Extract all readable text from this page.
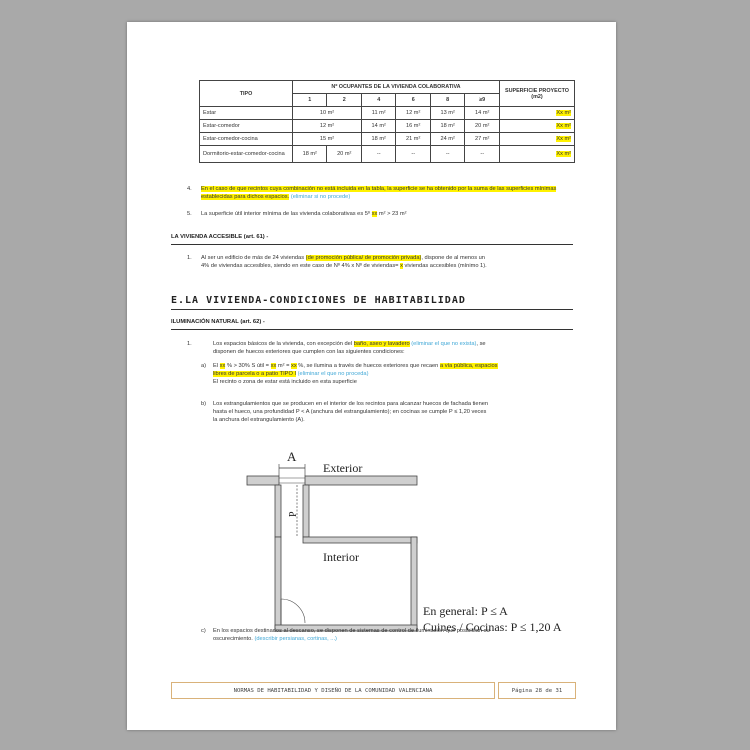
TIPO	Nº OCUPANTES DE LA VIVIENDA COLABORATIVA						SUPERFICIE PROYECTO (m2)
	1	2	4	6	8	≥9	
Estar	10 m²		11 m²	12 m²	13 m²	14 m²	Xx m²
Estar-comedor	12 m²		14 m²	16 m²	18 m²	20 m²	Xx m²
Estar-comedor-cocina	15 m²		18 m²	21 m²	24 m²	27 m²	Xx m²
Dormitorio-estar-comedor-cocina	18 m²	20 m²	--	--	--	--	Xx m²
4. En el caso de que recintos cuya combinación no está incluida en la tabla, la superficie se ha obtenido por la suma de las superficies mínimas establecidas para dichos espacios. (eliminar si no procede)
5. La superficie útil interior mínima de las vivienda colaborativas es 5º xx m² > 23 m²
LA VIVIENDA ACCESIBLE (art. 61) -
1. Al ser un edificio de más de 24 viviendas (de promoción pública/ de promoción privada), dispone de al menos un
4% de viviendas accesibles, siendo en este caso de Nº 4% x Nº de viviendas= x viviendas accesibles (mínimo 1).
E.LA VIVIENDA-CONDICIONES DE HABITABILIDAD
ILUMINACIÓN NATURAL (art. 62) -
1.	Los espacios básicos de la vivienda, con excepción del baño, aseo y lavadero (eliminar el que no exista), se
disponen de huecos exteriores que cumplen con las siguientes condiciones:
a) El xx % > 30% S útil = xx m² = xx %, se ilumina a través de huecos exteriores que recaen a vía pública, espacios
libres de parcela o a patio TIPO I (eliminar el que no proceda)
El recinto o zona de estar está incluido en esta superficie
b) Los estrangulamientos que se producen en el interior de los recintos para alcanzar huecos de fachada tienen
hasta el hueco, una profundidad P < A (anchura del estrangulamiento); en cocinas se cumple P ≤ 1,20 veces
la anchura del estrangulamiento (A).
A
Exterior
P
Interior
En general: P ≤ A
Cuines / Cocinas: P ≤ 1,20 A
c) En los espacios destinados al descanso, se disponen de sistemas de control de iluminación que posibilitan su
oscurecimiento. (describir persianas, cortinas, ...)
NORMAS DE HABITABILIDAD Y DISEÑO DE LA COMUNIDAD VALENCIANA	Página 28 de 31
